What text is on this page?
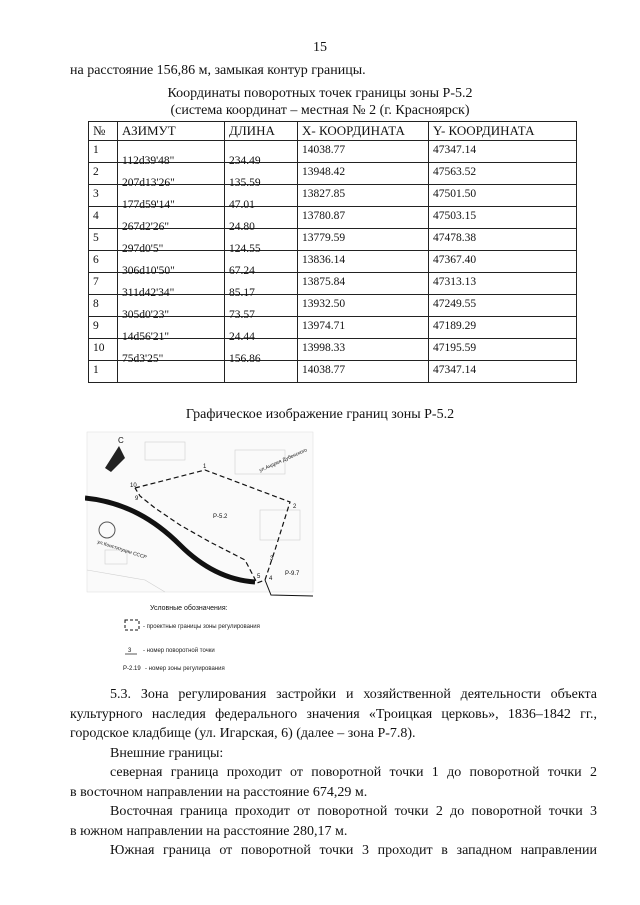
15
на расстояние 156,86 м, замыкая контур границы.
Координаты поворотных точек границы зоны Р-5.2
(система координат – местная № 2 (г. Красноярск)
№	АЗИМУТ	ДЛИНА	X- КООРДИНАТА	Y- КООРДИНАТА

1	112d39'48"	234.49	14038.77	47347.14

2	207d13'26"	135.59	13948.42	47563.52

3	177d59'14"	47.01	13827.85	47501.50

4	267d2'26"	24.80	13780.87	47503.15

5	297d0'5"	124.55	13779.59	47478.38

6	306d10'50"	67.24	13836.14	47367.40

7	311d42'34"	85.17	13875.84	47313.13

8	305d0'23"	73.57	13932.50	47249.55

9	14d56'21"	24.44	13974.71	47189.29

10	75d3'25"	156.86	13998.33	47195.59

1			14038.77	47347.14
Графическое изображение границ зоны Р-5.2
С
ул.Андрея Дубенского
ул.Конституции СССР
Р-5.2
Р-9.7
10
9
1
2
3
4
5
Условные обозначения:
- проектные границы зоны регулирования
3 - номер поворотной точки
Р-2.19 - номер зоны регулирования
5.3. Зона регулирования застройки и хозяйственной деятельности объекта
культурного наследия федерального значения «Троицкая церковь», 1836–1842 гг.,
городское кладбище (ул. Игарская, 6) (далее – зона Р-7.8).
Внешние границы:
северная граница проходит от поворотной точки 1 до поворотной точки 2
в восточном направлении на расстояние 674,29 м.
Восточная граница проходит от поворотной точки 2 до поворотной точки 3
в южном направлении на расстояние 280,17 м.
Южная граница от поворотной точки 3 проходит в западном направлении
